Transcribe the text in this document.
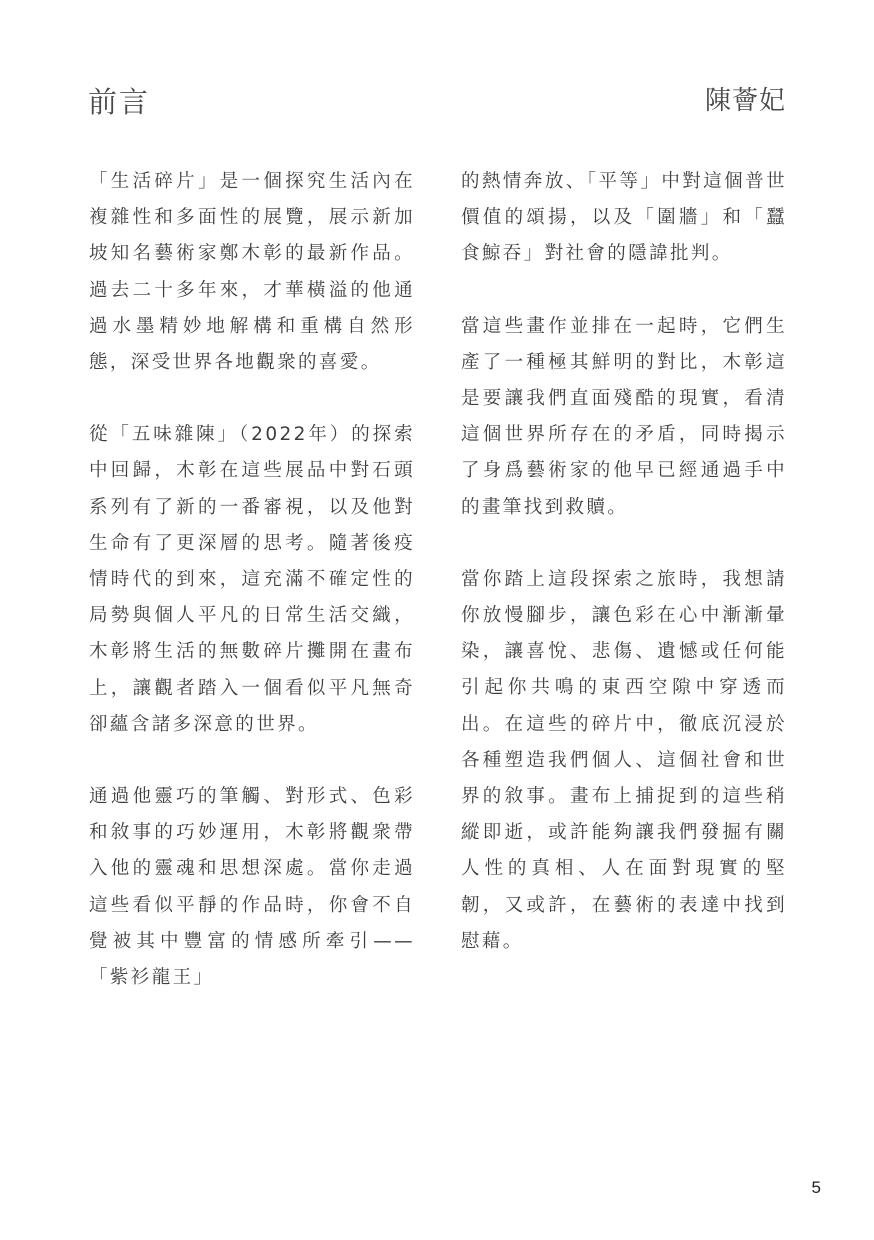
前言	陳薈妃

「生活碎片」是一個探究生活內在複雜性和多面性的展覽，展示新加坡知名藝術家鄭木彰的最新作品。過去二十多年來，才華橫溢的他通過水墨精妙地解構和重構自然形態，深受世界各地觀衆的喜愛。

從「五味雜陳」（2022年）的探索中回歸，木彰在這些展品中對石頭系列有了新的一番審視，以及他對生命有了更深層的思考。隨著後疫情時代的到來，這充滿不確定性的局勢與個人平凡的日常生活交織，木彰將生活的無數碎片攤開在畫布上，讓觀者踏入一個看似平凡無奇卻蘊含諸多深意的世界。

通過他靈巧的筆觸、對形式、色彩和敘事的巧妙運用，木彰將觀衆帶入他的靈魂和思想深處。當你走過這些看似平靜的作品時，你會不自覺被其中豐富的情感所牽引——「紫衫龍王」

的熱情奔放、「平等」中對這個普世價值的頌揚，以及「圍牆」和「蠶食鯨吞」對社會的隱諱批判。

當這些畫作並排在一起時，它們生產了一種極其鮮明的對比，木彰這是要讓我們直面殘酷的現實，看清這個世界所存在的矛盾，同時揭示了身爲藝術家的他早已經通過手中的畫筆找到救贖。

當你踏上這段探索之旅時，我想請你放慢腳步，讓色彩在心中漸漸暈染，讓喜悅、悲傷、遺憾或任何能引起你共鳴的東西空隙中穿透而出。在這些的碎片中，徹底沉浸於各種塑造我們個人、這個社會和世界的敘事。畫布上捕捉到的這些稍縱即逝，或許能夠讓我們發掘有關人性的真相、人在面對現實的堅韌，又或許，在藝術的表達中找到慰藉。

5
